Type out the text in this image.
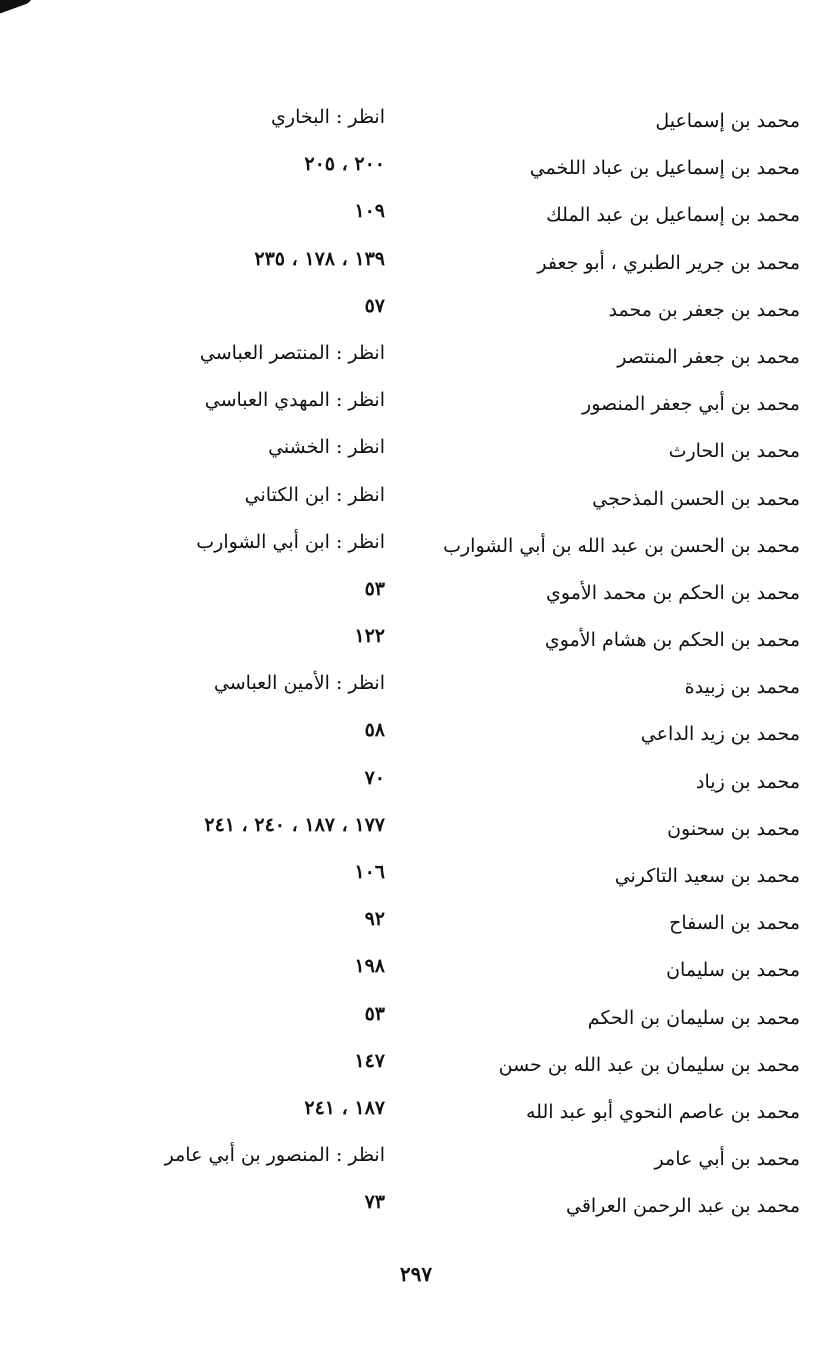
محمد بن إسماعيل
انظر:البخاري
محمد بن إسماعيل بن عباد اللخمي
٢٠٠ ، ٢٠٥
محمد بن إسماعيل بن عبد الملك
١٠٩
محمد بن جرير الطبري ، أبو جعفر
١٣٩ ، ١٧٨ ، ٢٣٥
محمد بن جعفر بن محمد
٥٧
محمد بن جعفر المنتصر
انظر:المنتصر العباسي
محمد بن أبي جعفر المنصور
انظر:المهدي العباسي
محمد بن الحارث
انظر:الخشني
محمد بن الحسن المذحجي
انظر:ابن الكتاني
محمد بن الحسن بن عبد الله بن أبي الشوارب
انظر:ابن أبي الشوارب
محمد بن الحكم بن محمد الأموي
٥٣
محمد بن الحكم بن هشام الأموي
١٢٢
محمد بن زبيدة
انظر:الأمين العباسي
محمد بن زيد الداعي
٥٨
محمد بن زياد
٧٠
محمد بن سحنون
١٧٧ ، ١٨٧ ، ٢٤٠ ، ٢٤١
محمد بن سعيد التاكرني
١٠٦
محمد بن السفاح
٩٢
محمد بن سليمان
١٩٨
محمد بن سليمان بن الحكم
٥٣
محمد بن سليمان بن عبد الله بن حسن
١٤٧
محمد بن عاصم النحوي أبو عبد الله
١٨٧ ، ٢٤١
محمد بن أبي عامر
انظر:المنصور بن أبي عامر
محمد بن عبد الرحمن العراقي
٧٣
٢٩٧
